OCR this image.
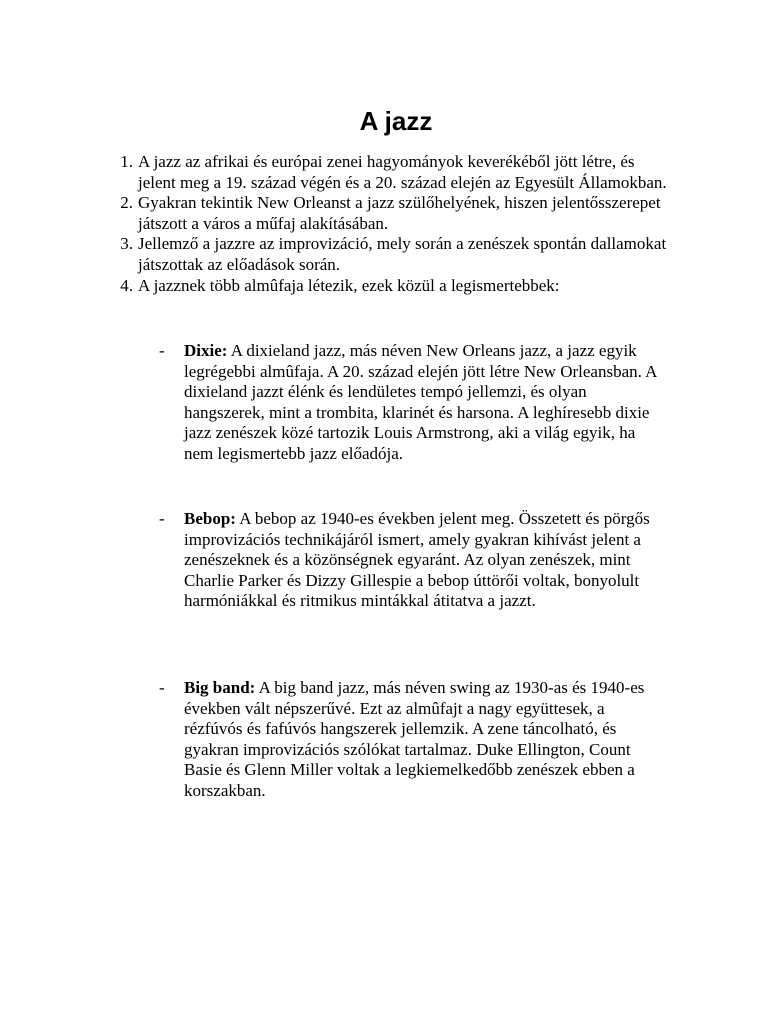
A jazz
1. A jazz az afrikai és európai zenei hagyományok keverékéből jött létre, és jelent meg a 19. század végén és a 20. század elején az Egyesült Államokban.
2. Gyakran tekintik New Orleanst a jazz szülőhelyének, hiszen jelentősszerepet játszott a város a műfaj alakításában.
3. Jellemző a jazzre az improvizáció, mely során a zenészek spontán dallamokat játszottak az előadások során.
4. A jazznek több almûfaja létezik, ezek közül a legismertebbek:
-	Dixie: A dixieland jazz, más néven New Orleans jazz, a jazz egyik legrégebbi almûfaja. A 20. század elején jött létre New Orleansban. A dixieland jazzt élénk és lendületes tempó jellemzi, és olyan hangszerek, mint a trombita, klarinét és harsona. A leghíresebb dixie jazz zenészek közé tartozik Louis Armstrong, aki a világ egyik, ha nem legismertebb jazz előadója.
-	Bebop: A bebop az 1940-es években jelent meg. Összetett és pörgős improvizációs technikájáról ismert, amely gyakran kihívást jelent a zenészeknek és a közönségnek egyaránt. Az olyan zenészek, mint Charlie Parker és Dizzy Gillespie a bebop úttörői voltak, bonyolult harmóniákkal és ritmikus mintákkal átitatva a jazzt.
-	Big band: A big band jazz, más néven swing az 1930-as és 1940-es években vált népszerűvé. Ezt az almûfajt a nagy együttesek, a rézfúvós és fafúvós hangszerek jellemzik. A zene táncolható, és gyakran improvizációs szólókat tartalmaz. Duke Ellington, Count Basie és Glenn Miller voltak a legkiemelkedőbb zenészek ebben a korszakban.
